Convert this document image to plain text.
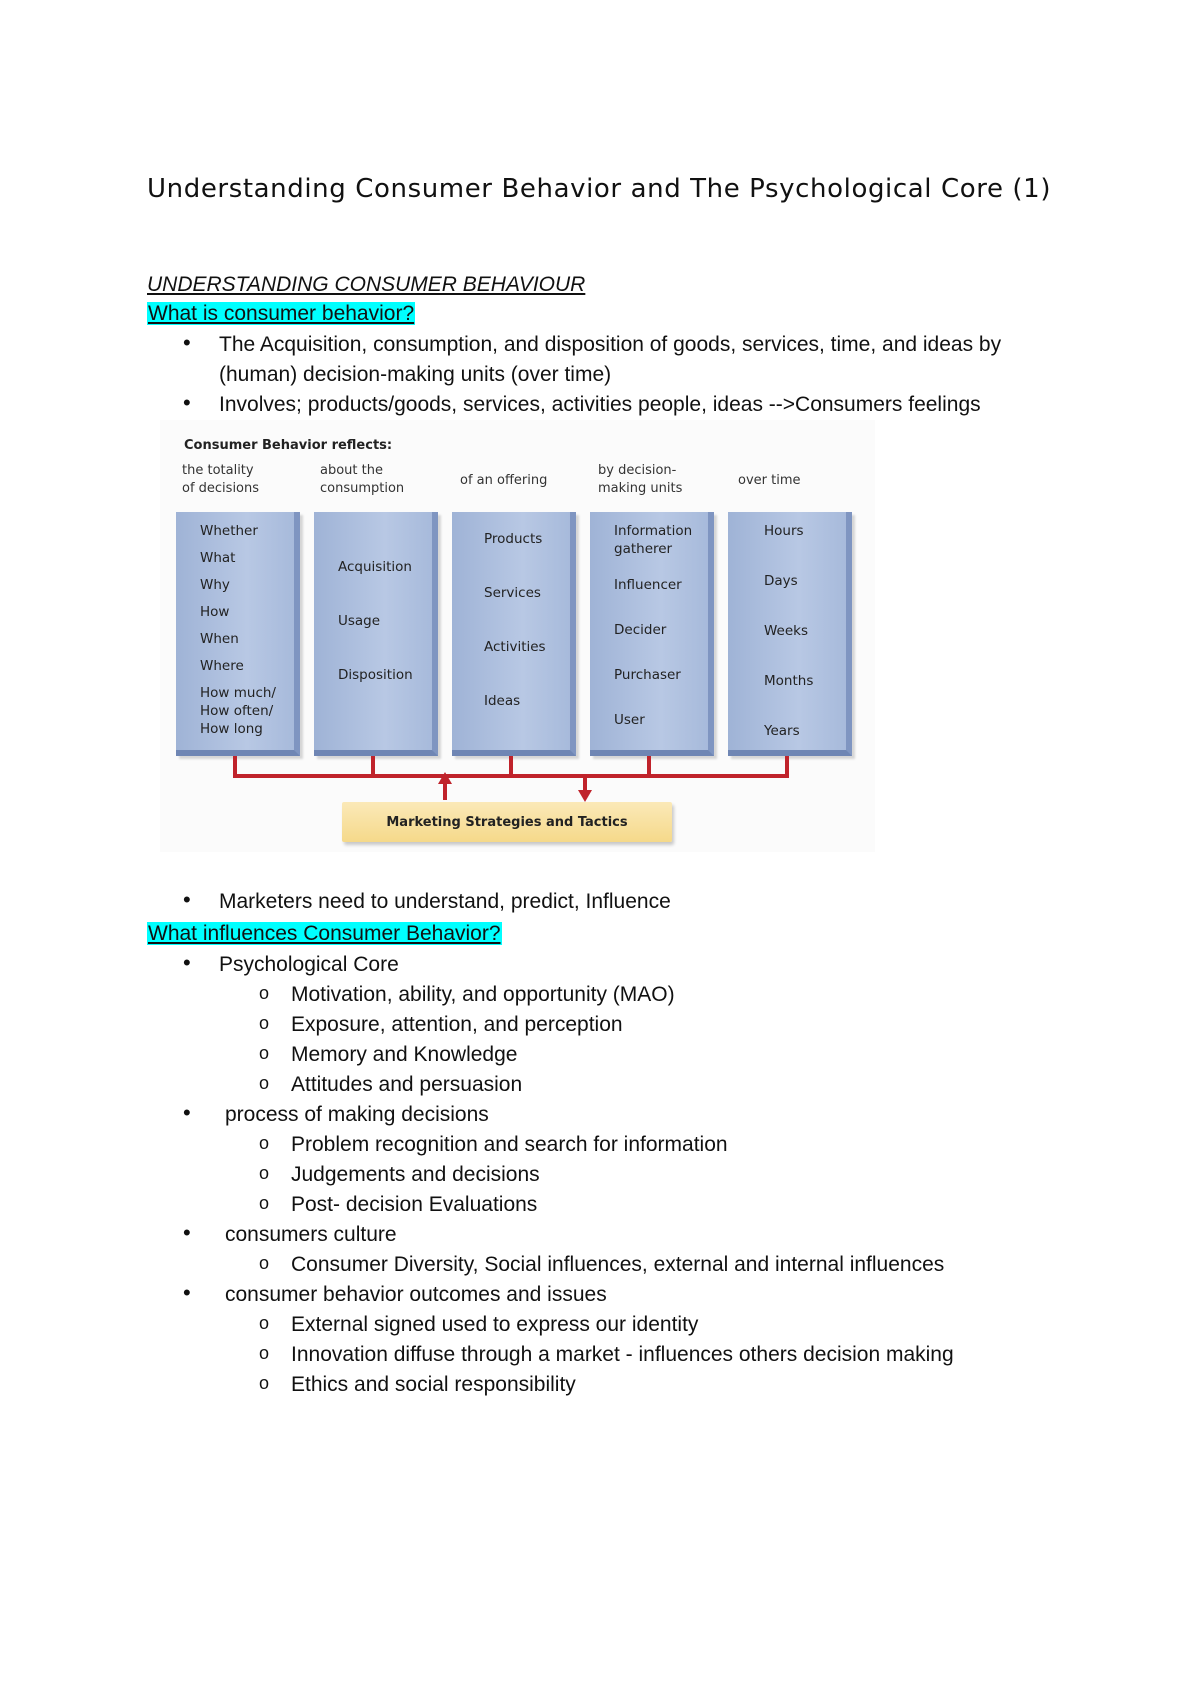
Understanding Consumer Behavior and The Psychological Core (1)
UNDERSTANDING CONSUMER BEHAVIOUR
What is consumer behavior?
• The Acquisition, consumption, and disposition of goods, services, time, and ideas by (human) decision-making units (over time)
• Involves; products/goods, services, activities people, ideas -->Consumers feelings
Consumer Behavior reflects:
the totality
of decisions
about the
consumption
of an offering
by decision-
making units
over time
Whether
What
Why
How
When
Where
How much/
How often/
How long
Acquisition
Usage
Disposition
Products
Services
Activities
Ideas
Information
gatherer
Influencer
Decider
Purchaser
User
Hours
Days
Weeks
Months
Years
Marketing Strategies and Tactics
• Marketers need to understand, predict, Influence
What influences Consumer Behavior?
• Psychological Core
o Motivation, ability, and opportunity (MAO)
o Exposure, attention, and perception
o Memory and Knowledge
o Attitudes and persuasion
• process of making decisions
o Problem recognition and search for information
o Judgements and decisions
o Post- decision Evaluations
• consumers culture
o Consumer Diversity, Social influences, external and internal influences
• consumer behavior outcomes and issues
o External signed used to express our identity
o Innovation diffuse through a market - influences others decision making
o Ethics and social responsibility
